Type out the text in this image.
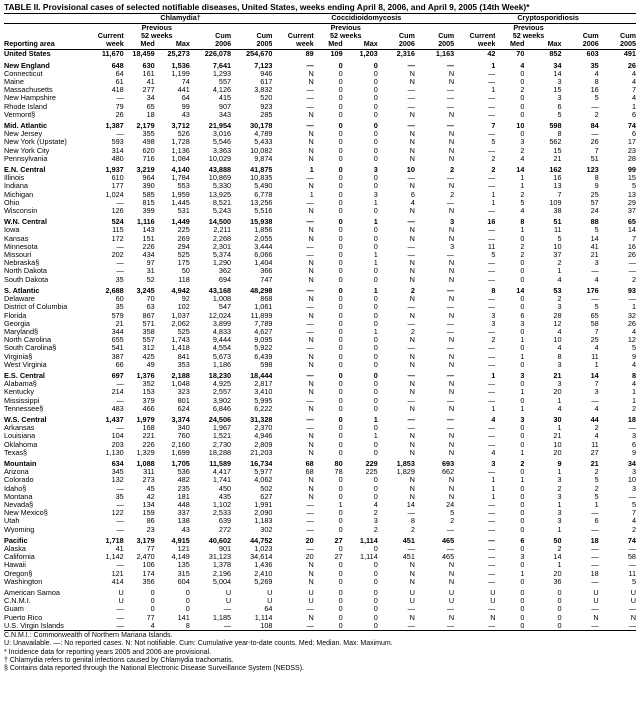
TABLE II. Provisional cases of selected notifiable diseases, United States, weeks ending April 8, 2006, and April 9, 2005 (14th Week)*
	Chlamydia†					Coccidioidomycosis					Cryptosporidiosis				
		Previous					Previous					Previous			
	Current	52 weeks		Cum	Cum	Current	52 weeks		Cum	Cum	Current	52 weeks		Cum	Cum
Reporting area	week	Med	Max	2006	2005	week	Med	Max	2006	2005	week	Med	Max	2006	2005
United States	11,670	18,459	25,273	226,078	254,670	89	109	1,203	2,316	1,163	42	70	852	603	491
New England	648	630	1,536	7,641	7,123	—	0	0	—	—	1	4	34	35	26
Connecticut	64	161	1,199	1,293	946	N	0	0	N	N	—	0	14	4	4
Maine	61	41	74	557	617	N	0	0	N	N	—	0	3	8	4
Massachusetts	418	277	441	4,126	3,832	—	0	0	—	—	1	2	15	16	7
New Hampshire	—	34	64	415	520	—	0	0	—	—	—	0	3	5	4
Rhode Island	79	65	99	907	923	—	0	0	—	—	—	0	6	—	1
Vermont§	26	18	43	343	285	N	0	0	N	N	—	0	5	2	6
Mid. Atlantic	1,387	2,179	3,712	21,954	30,178	—	0	0	—	—	7	10	598	84	74
New Jersey	—	355	526	3,016	4,789	N	0	0	N	N	—	0	8	—	6
New York (Upstate)	593	498	1,728	5,546	5,433	N	0	0	N	N	5	3	562	26	17
New York City	314	620	1,136	3,363	10,082	N	0	0	N	N	—	2	15	7	23
Pennsylvania	480	716	1,084	10,029	9,874	N	0	0	N	N	2	4	21	51	28
E.N. Central	1,937	3,219	4,140	43,888	41,875	1	0	3	10	2	2	14	162	123	99
Illinois	610	964	1,784	10,869	10,835	—	0	0	—	—	—	1	16	8	15
Indiana	177	390	553	5,330	5,490	N	0	0	N	N	—	1	13	9	5
Michigan	1,024	585	1,959	13,925	6,778	1	0	3	6	2	1	2	7	25	13
Ohio	—	815	1,445	8,521	13,256	—	0	1	4	—	1	5	109	57	29
Wisconsin	126	399	531	5,243	5,516	N	0	0	N	N	—	4	38	24	37
W.N. Central	524	1,116	1,449	14,500	15,938	—	0	1	—	3	16	8	51	88	65
Iowa	115	143	225	2,211	1,856	N	0	0	N	N	—	1	11	5	14
Kansas	172	151	269	2,268	2,055	N	0	0	N	N	—	0	5	14	7
Minnesota	—	226	294	2,301	3,444	—	0	0	—	3	11	2	10	41	16
Missouri	202	434	525	5,374	6,066	—	0	1	—	—	5	2	37	21	26
Nebraska§	—	97	175	1,290	1,404	N	0	1	N	N	—	0	2	3	—
North Dakota	—	31	50	362	366	N	0	0	N	N	—	0	1	—	—
South Dakota	35	52	118	694	747	N	0	0	N	N	—	0	4	4	2
S. Atlantic	2,688	3,245	4,942	43,168	48,298	—	0	1	2	—	8	14	53	176	93
Delaware	60	70	92	1,008	868	N	0	0	N	N	—	0	2	—	—
District of Columbia	35	63	102	547	1,061	—	0	0	—	—	—	0	3	5	1
Florida	579	867	1,037	12,024	11,899	N	0	0	N	N	3	6	28	65	32
Georgia	21	571	2,062	3,899	7,789	—	0	0	—	—	3	3	12	58	26
Maryland§	344	358	525	4,833	4,627	—	0	1	2	—	—	0	4	7	4
North Carolina	655	557	1,743	9,444	9,095	N	0	0	N	N	2	1	10	25	12
South Carolina§	541	312	1,418	4,554	5,922	—	0	0	—	—	—	0	4	4	5
Virginia§	387	425	841	5,673	6,439	N	0	0	N	N	—	1	8	11	9
West Virginia	66	49	353	1,186	598	N	0	0	N	N	—	0	3	1	4
E.S. Central	697	1,376	2,188	18,230	18,444	—	0	0	—	—	1	3	21	14	8
Alabama§	—	352	1,048	4,925	2,817	N	0	0	N	N	—	0	3	7	4
Kentucky	214	153	323	2,557	3,410	N	0	0	N	N	—	1	20	3	1
Mississippi	—	379	801	3,902	5,995	—	0	0	—	—	—	0	1	—	1
Tennessee§	483	466	624	6,846	6,222	N	0	0	N	N	1	1	4	4	2
W.S. Central	1,437	1,979	3,374	24,506	31,328	—	0	1	—	—	4	3	30	44	18
Arkansas	—	168	340	1,967	2,370	—	0	0	—	—	—	0	1	2	—
Louisiana	104	221	760	1,521	4,946	N	0	1	N	N	—	0	21	4	3
Oklahoma	203	226	2,160	2,730	2,809	N	0	0	N	N	—	0	10	11	6
Texas§	1,130	1,329	1,699	18,288	21,203	N	0	0	N	N	4	1	20	27	9
Mountain	634	1,088	1,705	11,589	16,734	68	80	229	1,853	693	3	2	9	21	34
Arizona	345	311	536	4,417	5,977	68	78	225	1,829	662	—	0	1	2	3
Colorado	132	273	482	1,741	4,062	N	0	0	N	N	1	1	3	5	10
Idaho§	—	45	235	450	502	N	0	0	N	N	1	0	2	2	3
Montana	35	42	181	435	627	N	0	0	N	N	1	0	3	5	—
Nevada§	—	134	448	1,102	1,991	—	1	4	14	24	—	0	1	1	5
New Mexico§	122	159	337	2,533	2,090	—	0	2	—	5	—	0	3	—	7
Utah	—	86	138	639	1,183	—	0	3	8	2	—	0	3	6	4
Wyoming	—	23	43	272	302	—	0	2	2	—	—	0	1	—	2
Pacific	1,718	3,179	4,915	40,602	44,752	20	27	1,114	451	465	—	6	50	18	74
Alaska	41	77	121	901	1,023	—	0	0	—	—	—	0	2	—	—
California	1,142	2,470	4,149	31,123	34,614	20	27	1,114	451	465	—	3	14	—	58
Hawaii	—	106	135	1,378	1,436	N	0	0	N	N	—	0	1	—	—
Oregon§	121	174	315	2,196	2,410	N	0	0	N	N	—	1	20	18	11
Washington	414	356	604	5,004	5,269	N	0	0	N	N	—	0	36	—	5
American Samoa	U	0	0	U	U	U	0	0	U	U	U	0	0	U	U
C.N.M.I.	U	0	0	U	U	U	0	0	U	U	U	0	0	U	U
Guam	—	0	0	—	64	—	0	0	—	—	—	0	0	—	—
Puerto Rico	—	77	141	1,185	1,114	N	0	0	N	N	N	0	0	N	N
U.S. Virgin Islands	—	4	8	—	108	—	0	0	—	—	—	0	0	—	—

C.N.M.I.: Commonwealth of Northern Mariana Islands.
U: Unavailable. —: No reported cases. N: Not notifiable. Cum: Cumulative year-to-date counts. Med: Median. Max: Maximum.
* Incidence data for reporting years 2005 and 2006 are provisional.
† Chlamydia refers to genital infections caused by Chlamydia trachomatis.
§ Contains data reported through the National Electronic Disease Surveillance System (NEDSS).
